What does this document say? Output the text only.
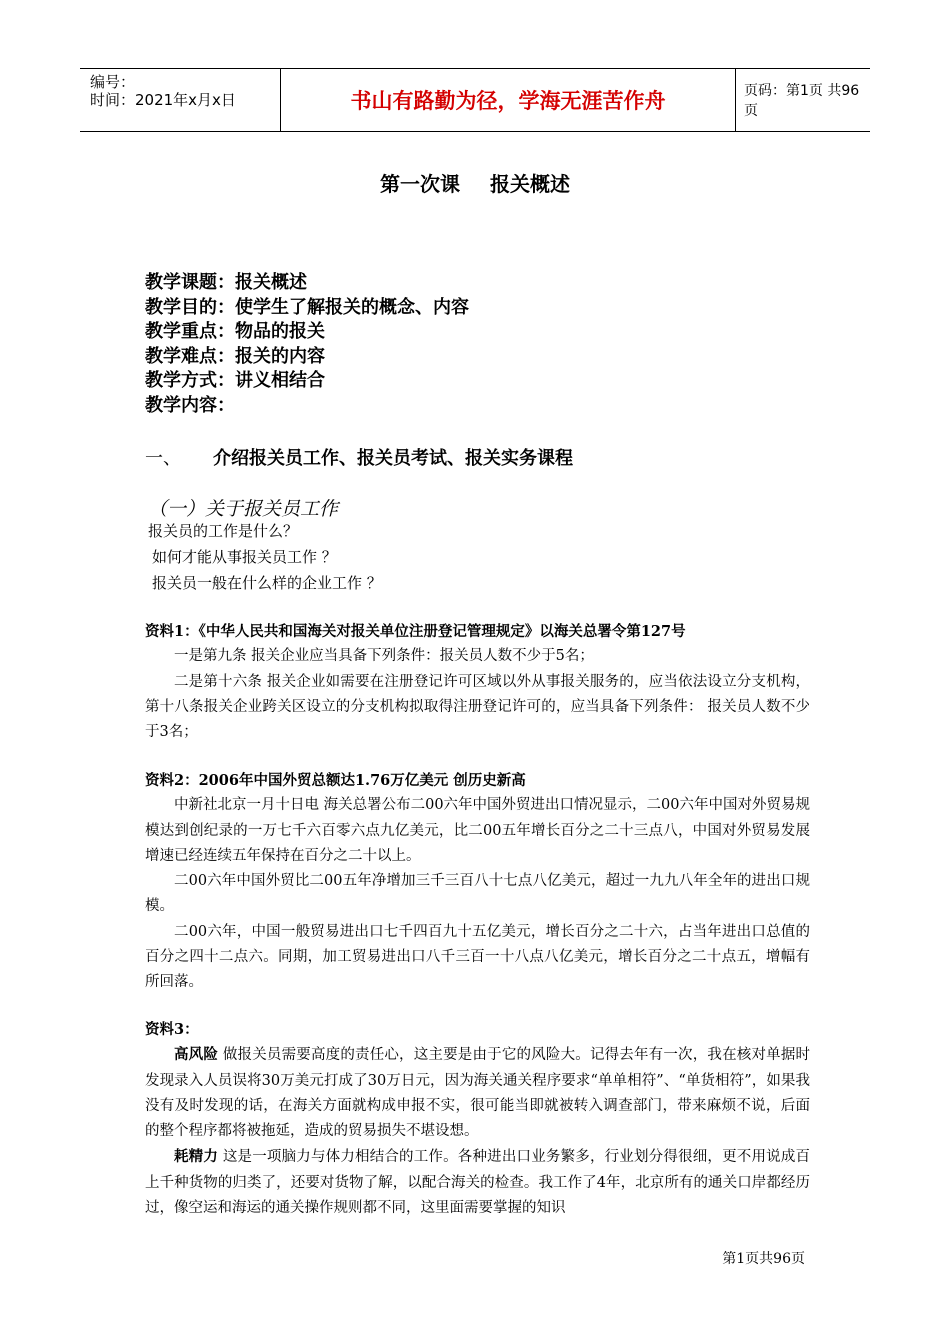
编号：
时间：2021年x月x日	书山有路勤为径，学海无涯苦作舟	页码：第1页 共96页
第一次课 报关概述
教学课题：报关概述
教学目的：使学生了解报关的概念、内容
教学重点：物品的报关
教学难点：报关的内容
教学方式：讲义相结合
教学内容：
一、 介绍报关员工作、报关员考试、报关实务课程
（一）关于报关员工作
报关员的工作是什么？
如何才能从事报关员工作 ？
报关员一般在什么样的企业工作 ？
资料1：《中华人民共和国海关对报关单位注册登记管理规定》以海关总署令第127号

一是第九条 报关企业应当具备下列条件：报关员人数不少于5名；

二是第十六条 报关企业如需要在注册登记许可区域以外从事报关服务的，应当依法设立分支机构，第十八条报关企业跨关区设立的分支机构拟取得注册登记许可的，应当具备下列条件： 报关员人数不少于3名；

资料2：2006年中国外贸总额达1.76万亿美元 创历史新高

中新社北京一月十日电 海关总署公布二00六年中国外贸进出口情况显示，二00六年中国对外贸易规模达到创纪录的一万七千六百零六点九亿美元，比二00五年增长百分之二十三点八，中国对外贸易发展增速已经连续五年保持在百分之二十以上。

二00六年中国外贸比二00五年净增加三千三百八十七点八亿美元，超过一九九八年全年的进出口规模。

二00六年，中国一般贸易进出口七千四百九十五亿美元，增长百分之二十六，占当年进出口总值的百分之四十二点六。同期，加工贸易进出口八千三百一十八点八亿美元，增长百分之二十点五，增幅有所回落。

资料3：

高风险 做报关员需要高度的责任心，这主要是由于它的风险大。记得去年有一次，我在核对单据时发现录入人员误将30万美元打成了30万日元，因为海关通关程序要求“单单相符”、“单货相符”，如果我没有及时发现的话，在海关方面就构成申报不实，很可能当即就被转入调查部门，带来麻烦不说，后面的整个程序都将被拖延，造成的贸易损失不堪设想。

耗精力 这是一项脑力与体力相结合的工作。各种进出口业务繁多，行业划分得很细，更不用说成百上千种货物的归类了，还要对货物了解，以配合海关的检查。我工作了4年，北京所有的通关口岸都经历过，像空运和海运的通关操作规则都不同，这里面需要掌握的知识

第1页共96页
